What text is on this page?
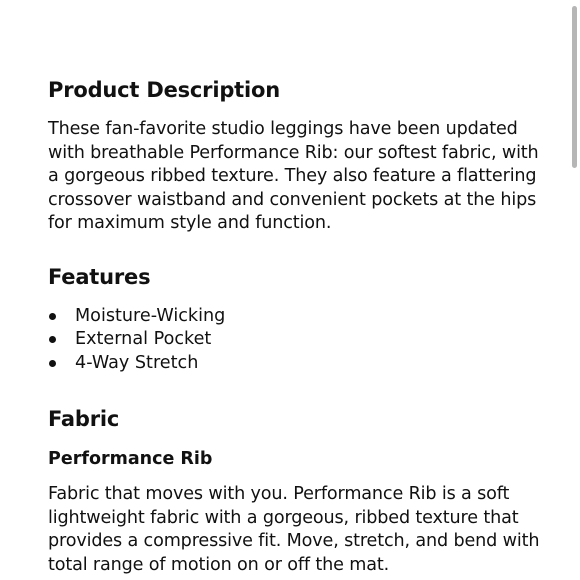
Product Description

These fan-favorite studio leggings have been updated with breathable Performance Rib: our softest fabric, with a gorgeous ribbed texture. They also feature a flattering crossover waistband and convenient pockets at the hips for maximum style and function.

Features
Moisture-Wicking
External Pocket
4-Way Stretch
Fabric
Performance Rib

Fabric that moves with you. Performance Rib is a soft lightweight fabric with a gorgeous, ribbed texture that provides a compressive fit. Move, stretch, and bend with total range of motion on or off the mat.
